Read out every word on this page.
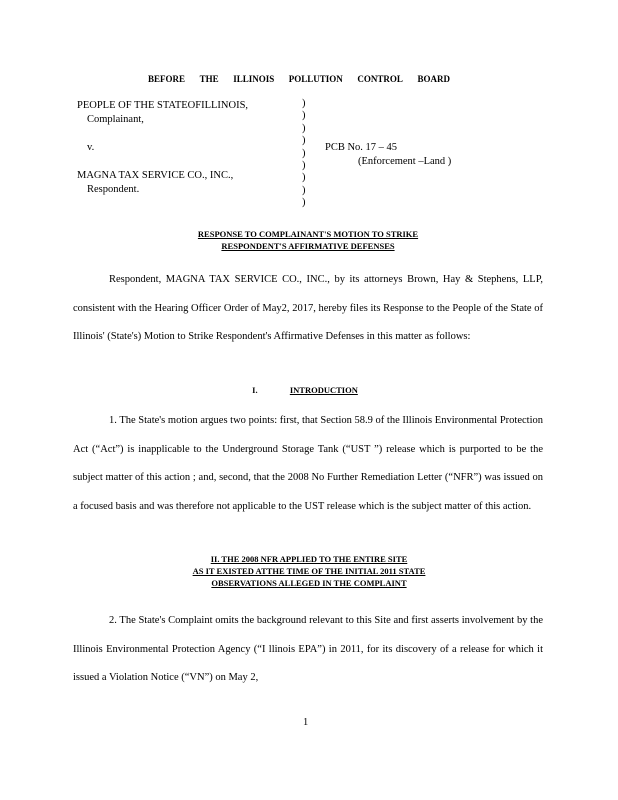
BEFORE THE ILLINOIS POLLUTION CONTROL BOARD
PEOPLE OF THE STATEOFILLINOIS,
Complainant,
v.
MAGNA TAX SERVICE CO., INC.,
Respondent.
)
)
)
)
)
)
)
)
)
PCB No. 17 – 45
(Enforcement –Land )
RESPONSE TO COMPLAINANT'S MOTION TO STRIKE
RESPONDENT'S AFFIRMATIVE DEFENSES

Respondent, MAGNA TAX SERVICE CO., INC., by its attorneys Brown, Hay & Stephens, LLP, consistent with the Hearing Officer Order of May2, 2017, hereby files its Response to the People of the State of Illinois' (State's) Motion to Strike Respondent's Affirmative Defenses in this matter as follows:

I.	INTRODUCTION

1. The State's motion argues two points: first, that Section 58.9 of the Illinois Environmental Protection Act (“Act”) is inapplicable to the Underground Storage Tank (“UST ”) release which is purported to be the subject matter of this action ; and, second, that the 2008 No Further Remediation Letter (“NFR”) was issued on a focused basis and was therefore not applicable to the UST release which is the subject matter of this action.

II. THE 2008 NFR APPLIED TO THE ENTIRE SITE
AS IT EXISTED ATTHE TIME OF THE INITIAL 2011 STATE
OBSERVATIONS ALLEGED IN THE COMPLAINT

2. The State's Complaint omits the background relevant to this Site and first asserts involvement by the Illinois Environmental Protection Agency (“I llinois EPA”) in 2011, for its discovery of a release for which it issued a Violation Notice (“VN”) on May 2,

1
